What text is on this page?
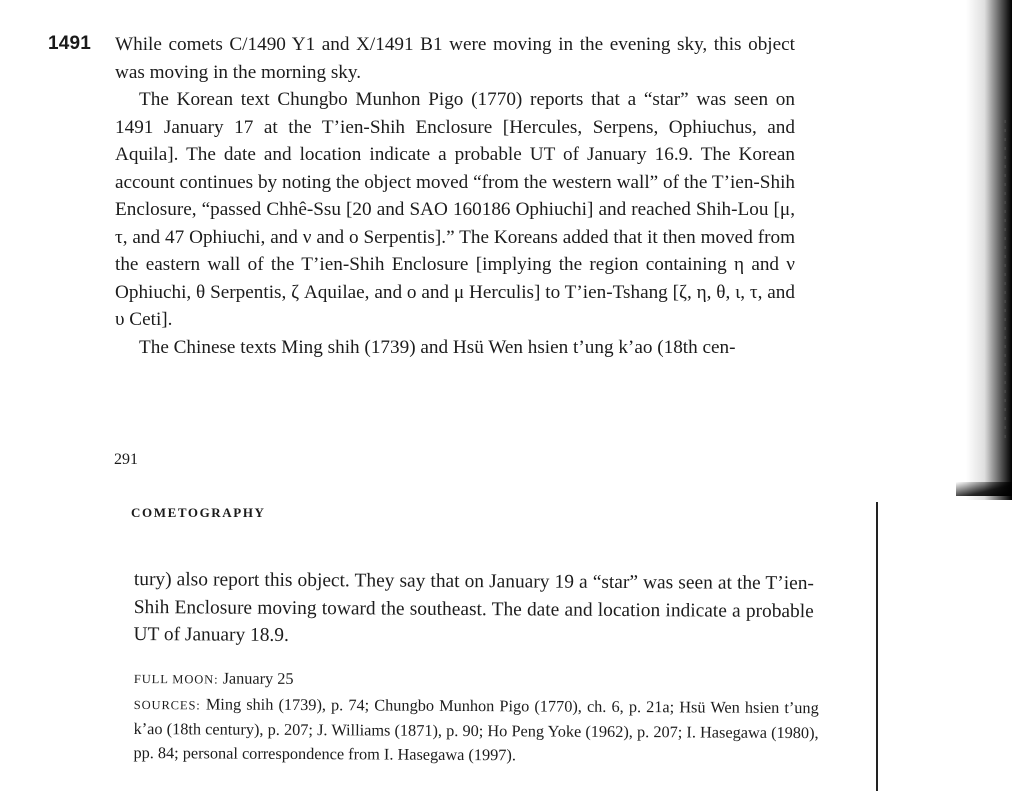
1491 While comets C/1490 Y1 and X/1491 B1 were moving in the evening sky, this object was moving in the morning sky.

The Korean text Chungbo Munhon Pigo (1770) reports that a “star” was seen on 1491 January 17 at the T’ien-Shih Enclosure [Hercules, Serpens, Ophiuchus, and Aquila]. The date and location indicate a probable UT of January 16.9. The Korean account continues by noting the object moved “from the western wall” of the T’ien-Shih Enclosure, “passed Chhê-Ssu [20 and SAO 160186 Ophiuchi] and reached Shih-Lou [μ, τ, and 47 Ophiuchi, and ν and ο Serpentis].” The Koreans added that it then moved from the eastern wall of the T’ien-Shih Enclosure [implying the region containing η and ν Ophiuchi, θ Serpentis, ζ Aquilae, and ο and μ Herculis] to T’ien-Tshang [ζ, η, θ, ι, τ, and υ Ceti].

The Chinese texts Ming shih (1739) and Hsü Wen hsien t’ung k’ao (18th cen-

291
COMETOGRAPHY

tury) also report this object. They say that on January 19 a “star” was seen at the T’ien-Shih Enclosure moving toward the southeast. The date and location indicate a probable UT of January 18.9.

FULL MOON: January 25

SOURCES: Ming shih (1739), p. 74; Chungbo Munhon Pigo (1770), ch. 6, p. 21a; Hsü Wen hsien t’ung k’ao (18th century), p. 207; J. Williams (1871), p. 90; Ho Peng Yoke (1962), p. 207; I. Hasegawa (1980), pp. 84; personal correspondence from I. Hasegawa (1997).
